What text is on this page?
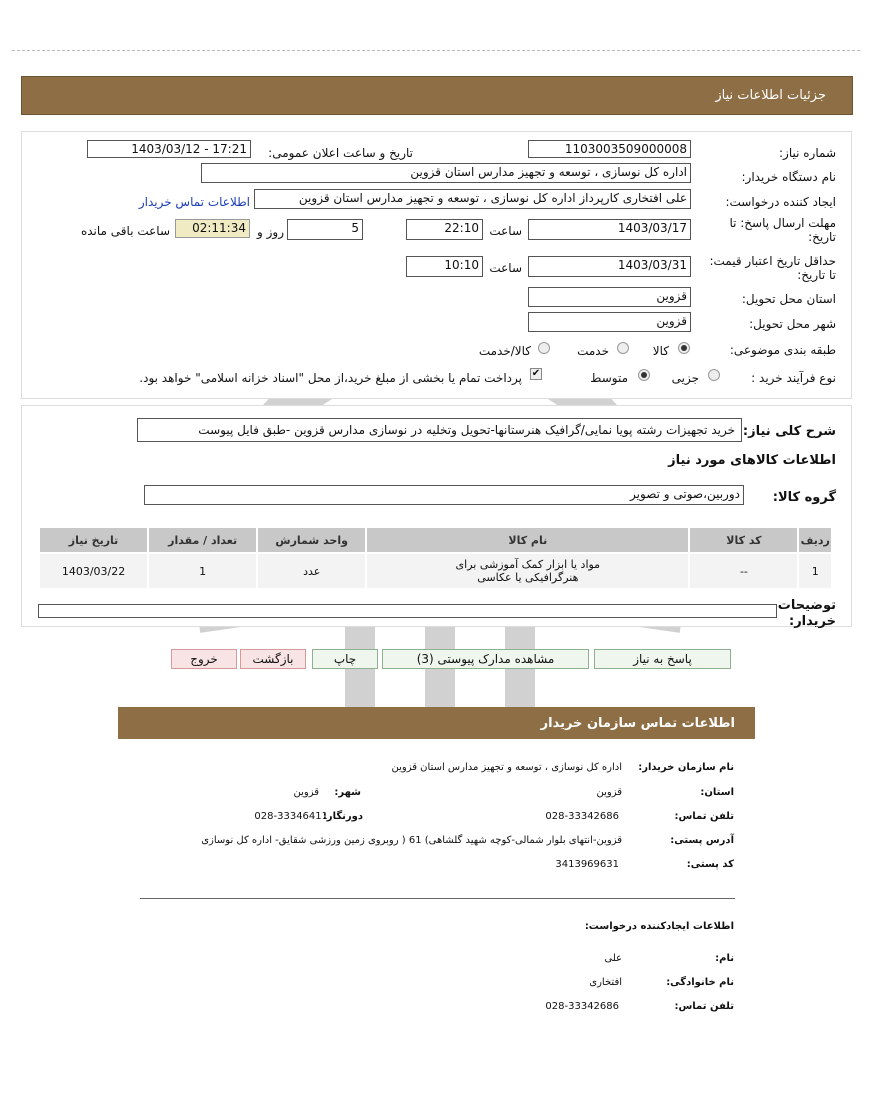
جزئیات اطلاعات نیاز
شماره نیاز:
1103003509000008
تاریخ و ساعت اعلان عمومی:
1403/03/12 - 17:21
نام دستگاه خریدار:
اداره کل نوسازی ، توسعه و تجهیز مدارس استان قزوین
ایجاد کننده درخواست:
علی افتخاری کارپرداز اداره کل نوسازی ، توسعه و تجهیز مدارس استان قزوین
اطلاعات تماس خریدار
مهلت ارسال پاسخ: تا
تاریخ:
1403/03/17
ساعت
22:10
5
روز و
02:11:34
ساعت باقی مانده
حداقل تاریخ اعتبار قیمت:
تا تاریخ:
1403/03/31
ساعت
10:10
استان محل تحویل:
قزوین
شهر محل تحویل:
قزوین
طبقه بندی موضوعی:
کالا
خدمت
کالا/خدمت
نوع فرآیند خرید :
جزیی
متوسط
✔
پرداخت تمام یا بخشی از مبلغ خرید،از محل "اسناد خزانه اسلامی" خواهد بود.
شرح کلی نیاز:
خرید تجهیزات رشته پویا نمایی/گرافیک هنرستانها-تحویل وتخلیه در نوسازی مدارس قزوین -طبق فایل پیوست
اطلاعات کالاهای مورد نیاز
گروه کالا:
دوربین،صوتی و تصویر
ردیف	کد کالا	نام کالا	واحد شمارش	تعداد / مقدار	تاریخ نیاز
1	--	مواد یا ابزار کمک آموزشی برای
هنرگرافیکی یا عکاسی	عدد	1	1403/03/22
توضیحات
خریدار:
پاسخ به نیاز
مشاهده مدارک پیوستی (3)
چاپ
بازگشت
خروج
اطلاعات تماس سازمان خریدار
نام سازمان خریدار:
اداره کل نوسازی ، توسعه و تجهیز مدارس استان قزوین
استان:
قزوین
شهر:
قزوین
تلفن تماس:
028-33342686
دورنگار:
028-33346411
آدرس پستی:
قزوین-انتهای بلوار شمالی-کوچه شهید گلشاهی) 61 ( روبروی زمین ورزشی شقایق- اداره کل نوسازی
کد پستی:
3413969631
اطلاعات ایجادکننده درخواست:
نام:
علی
نام خانوادگی:
افتخاری
تلفن تماس:
028-33342686
